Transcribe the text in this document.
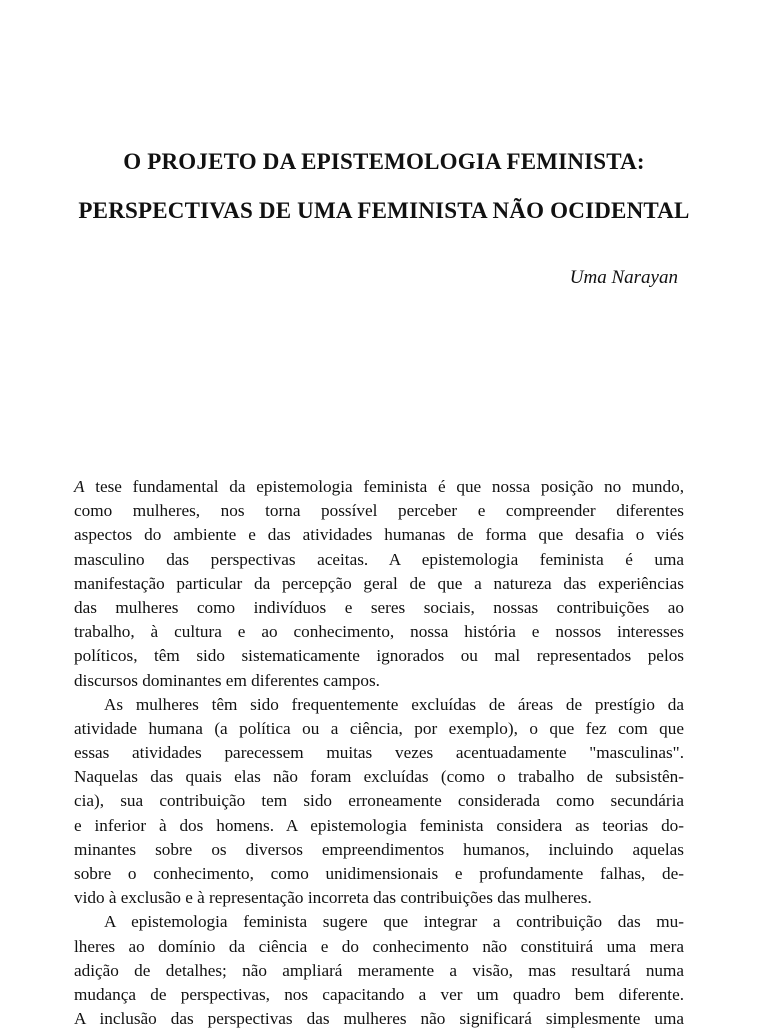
O PROJETO DA EPISTEMOLOGIA FEMINISTA:
PERSPECTIVAS DE UMA FEMINISTA NÃO OCIDENTAL

Uma Narayan

A tese fundamental da epistemologia feminista é que nossa posição no mundo,
como mulheres, nos torna possível perceber e compreender diferentes
aspectos do ambiente e das atividades humanas de forma que desafia o viés
masculino das perspectivas aceitas. A epistemologia feminista é uma
manifestação particular da percepção geral de que a natureza das experiências
das mulheres como indivíduos e seres sociais, nossas contribuições ao
trabalho, à cultura e ao conhecimento, nossa história e nossos interesses
políticos, têm sido sistematicamente ignorados ou mal representados pelos
discursos dominantes em diferentes campos.
As mulheres têm sido frequentemente excluídas de áreas de prestígio da
atividade humana (a política ou a ciência, por exemplo), o que fez com que
essas atividades parecessem muitas vezes acentuadamente "masculinas".
Naquelas das quais elas não foram excluídas (como o trabalho de subsistên-
cia), sua contribuição tem sido erroneamente considerada como secundária
e inferior à dos homens. A epistemologia feminista considera as teorias do-
minantes sobre os diversos empreendimentos humanos, incluindo aquelas
sobre o conhecimento, como unidimensionais e profundamente falhas, de-
vido à exclusão e à representação incorreta das contribuições das mulheres.
A epistemologia feminista sugere que integrar a contribuição das mu-
lheres ao domínio da ciência e do conhecimento não constituirá uma mera
adição de detalhes; não ampliará meramente a visão, mas resultará numa
mudança de perspectivas, nos capacitando a ver um quadro bem diferente.
A inclusão das perspectivas das mulheres não significará simplesmente uma
